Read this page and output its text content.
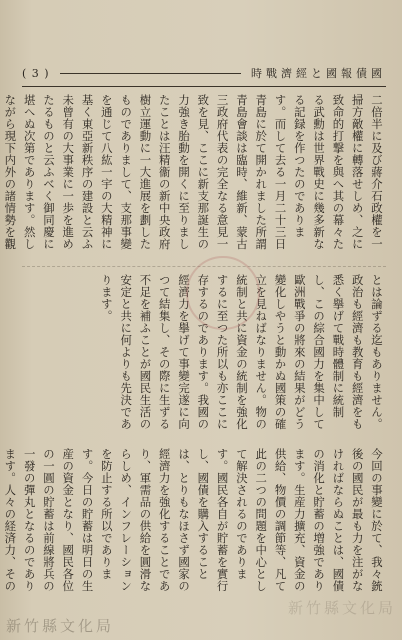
( 3 )	國債報國と經濟戰時

二倍半に及び蔣介石政權を一掃方敵權に轉落せしめ、之に致命的打撃を與へ其の幕々たる武勳は世界戰史に幾多新なる記録を作つたのであります。而して去る一月二十三日青島に於て開かれました所謂青島會談は臨時、維新、蒙古三政府代表の完全なる意見一致を見、ここに新支那誕生の力強き胎動を開くに至りましたことは汪精衞の新中央政府樹立運動に一大進展を劃したものでありまして、支那事變を通じて八紘一宇の大精神に基く東亞新秩序の建設と云ふ未曾有の大事業に一歩を進めたるものと云ふべく御同慶に堪へぬ次第であります。然しながら現下内外の諸情勢を觀

とは論ずる迄もありません。政治も經濟も教育も經濟をも悉く擧げて戰時體制に統制し、この綜合國力を集中して歐洲戰爭の將來の結果がどう變化しやうと動かぬ國策の確立を見ねばなりません。物の統制と共に資金の統制を強化するに至つた所以も亦ここに存するのであります。我國の經濟力を擧げて事變完遂に向つて結集し、その際に生ずる不足を補ふことが國民生活の安定と共に何よりも先決であります。

今回の事變に於て、我々銃後の國民が最も力を注がなければならぬことは、國債の消化と貯蓄の増強であります。生産力擴充、資金の供給、物價の調節等、凡て此の二つの問題を中心として解決されるのであります。國民各自が貯蓄を實行し、國債を購入することは、とりもなほさず國家の經濟力を強化することであり、軍需品の供給を圓滑ならしめ、インフレーションを防止する所以であります。今日の貯蓄は明日の生産の資金となり、國民各位の一圓の貯蓄は前線將兵の一發の彈丸となるのであります。人々の経済力、その

新竹縣文化局
新竹縣文化局
